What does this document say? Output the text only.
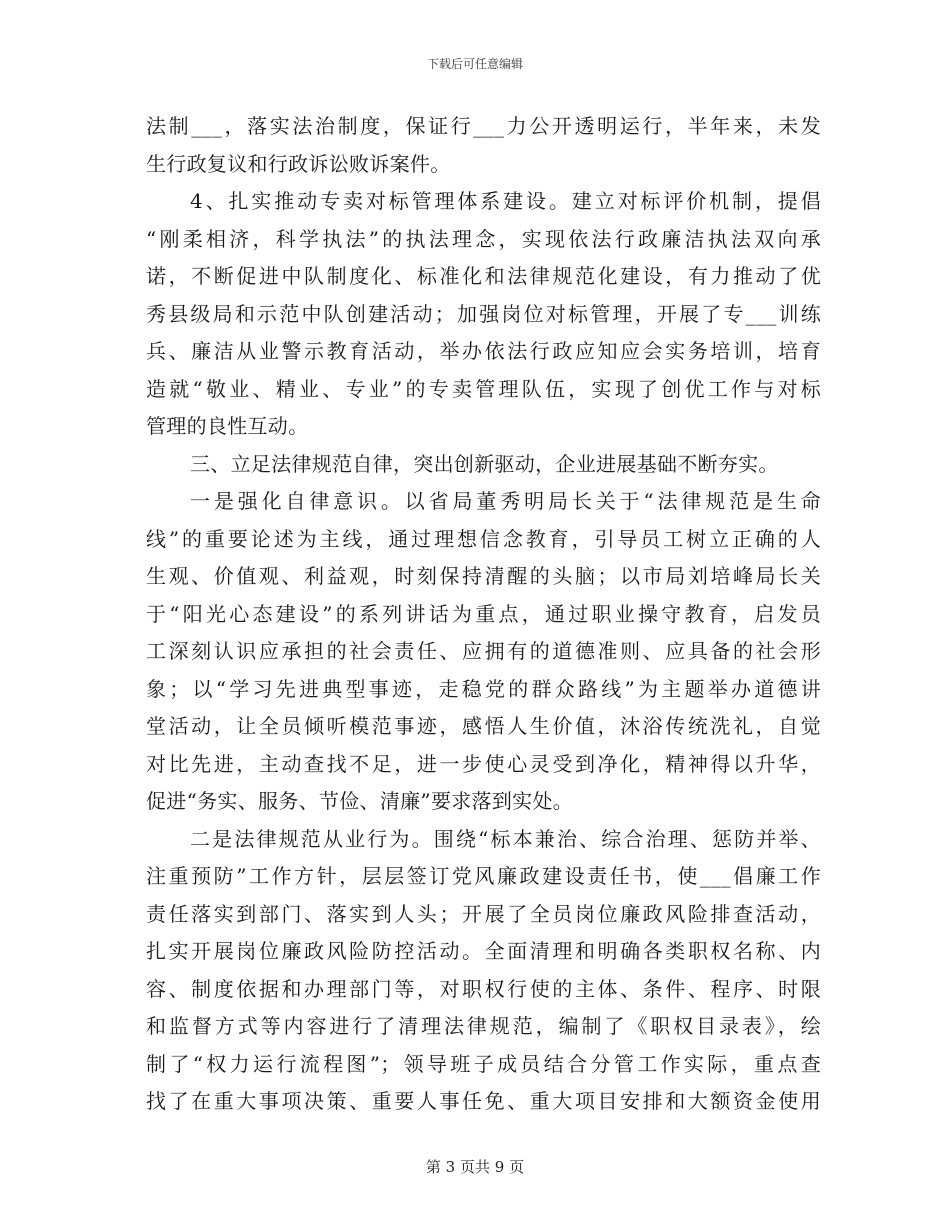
下载后可任意编辑
法制___，落实法治制度，保证行___力公开透明运行，半年来，未发
生行政复议和行政诉讼败诉案件。
4、扎实推动专卖对标管理体系建设。建立对标评价机制，提倡
“刚柔相济，科学执法”的执法理念，实现依法行政廉洁执法双向承
诺，不断促进中队制度化、标准化和法律规范化建设，有力推动了优
秀县级局和示范中队创建活动；加强岗位对标管理，开展了专___训练
兵、廉洁从业警示教育活动，举办依法行政应知应会实务培训，培育
造就“敬业、精业、专业”的专卖管理队伍，实现了创优工作与对标
管理的良性互动。
三、立足法律规范自律，突出创新驱动，企业进展基础不断夯实。
一是强化自律意识。以省局董秀明局长关于“法律规范是生命
线”的重要论述为主线，通过理想信念教育，引导员工树立正确的人
生观、价值观、利益观，时刻保持清醒的头脑；以市局刘培峰局长关
于“阳光心态建设”的系列讲话为重点，通过职业操守教育，启发员
工深刻认识应承担的社会责任、应拥有的道德准则、应具备的社会形
象；以“学习先进典型事迹，走稳党的群众路线”为主题举办道德讲
堂活动，让全员倾听模范事迹，感悟人生价值，沐浴传统洗礼，自觉
对比先进，主动查找不足，进一步使心灵受到净化，精神得以升华，
促进“务实、服务、节俭、清廉”要求落到实处。
二是法律规范从业行为。围绕“标本兼治、综合治理、惩防并举、
注重预防”工作方针，层层签订党风廉政建设责任书，使___倡廉工作
责任落实到部门、落实到人头；开展了全员岗位廉政风险排查活动，
扎实开展岗位廉政风险防控活动。全面清理和明确各类职权名称、内
容、制度依据和办理部门等，对职权行使的主体、条件、程序、时限
和监督方式等内容进行了清理法律规范，编制了《职权目录表》，绘
制了“权力运行流程图”；领导班子成员结合分管工作实际，重点查
找了在重大事项决策、重要人事任免、重大项目安排和大额资金使用
第 3 页共 9 页
